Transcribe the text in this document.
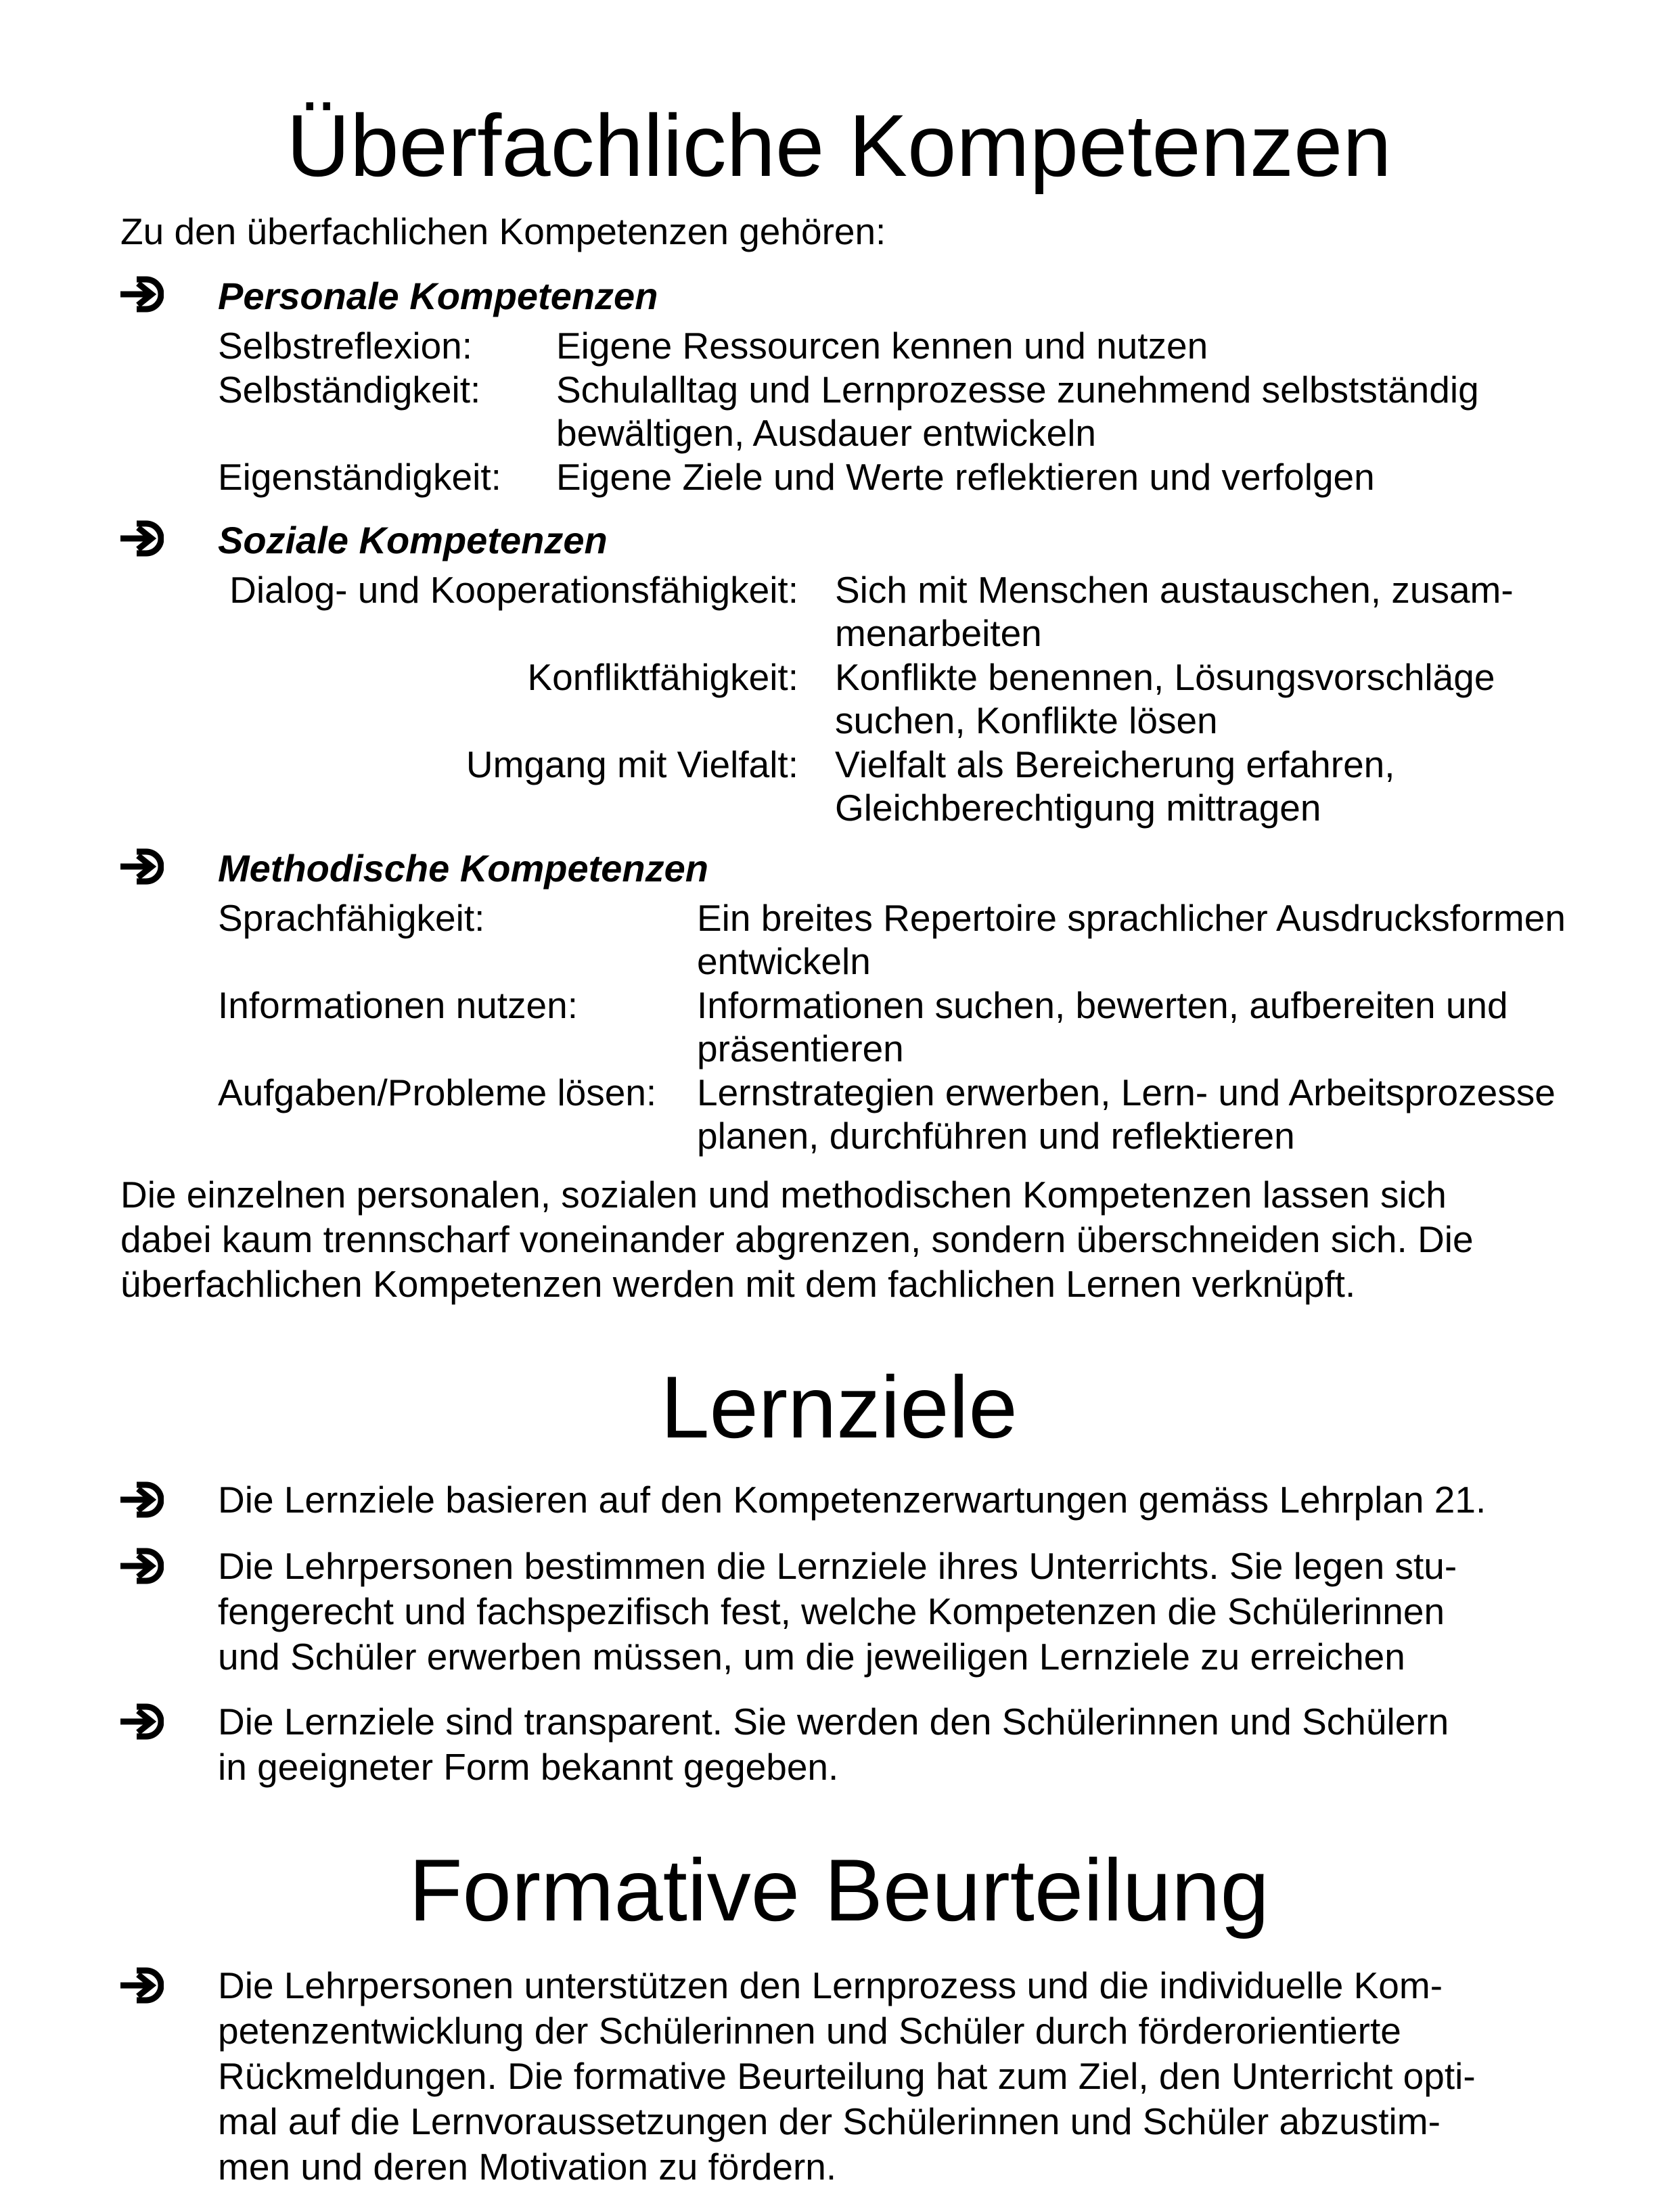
Überfachliche Kompetenzen
Zu den überfachlichen Kompetenzen gehören:
Personale Kompetenzen
Selbstreflexion: Eigene Ressourcen kennen und nutzen
Selbständigkeit: Schulalltag und Lernprozesse zunehmend selbstständig
bewältigen, Ausdauer entwickeln
Eigenständigkeit: Eigene Ziele und Werte reflektieren und verfolgen
Soziale Kompetenzen
Dialog- und Kooperationsfähigkeit: Sich mit Menschen austauschen, zusam-
menarbeiten
Konfliktfähigkeit: Konflikte benennen, Lösungsvorschläge
suchen, Konflikte lösen
Umgang mit Vielfalt: Vielfalt als Bereicherung erfahren,
Gleichberechtigung mittragen
Methodische Kompetenzen
Sprachfähigkeit:	Ein breites Repertoire sprachlicher Ausdrucksformen
entwickeln
Informationen nutzen:	Informationen suchen, bewerten, aufbereiten und
präsentieren
Aufgaben/Probleme lösen: Lernstrategien erwerben, Lern- und Arbeitsprozesse
planen, durchführen und reflektieren
Die einzelnen personalen, sozialen und methodischen Kompetenzen lassen sich
dabei kaum trennscharf voneinander abgrenzen, sondern überschneiden sich. Die
überfachlichen Kompetenzen werden mit dem fachlichen Lernen verknüpft.
Lernziele
Die Lernziele basieren auf den Kompetenzerwartungen gemäss Lehrplan 21.
Die Lehrpersonen bestimmen die Lernziele ihres Unterrichts. Sie legen stu-
fengerecht und fachspezifisch fest, welche Kompetenzen die Schülerinnen
und Schüler erwerben müssen, um die jeweiligen Lernziele zu erreichen
Die Lernziele sind transparent. Sie werden den Schülerinnen und Schülern
in geeigneter Form bekannt gegeben.
Formative Beurteilung
Die Lehrpersonen unterstützen den Lernprozess und die individuelle Kom-
petenzentwicklung der Schülerinnen und Schüler durch förderorientierte
Rückmeldungen. Die formative Beurteilung hat zum Ziel, den Unterricht opti-
mal auf die Lernvoraussetzungen der Schülerinnen und Schüler abzustim-
men und deren Motivation zu fördern.
